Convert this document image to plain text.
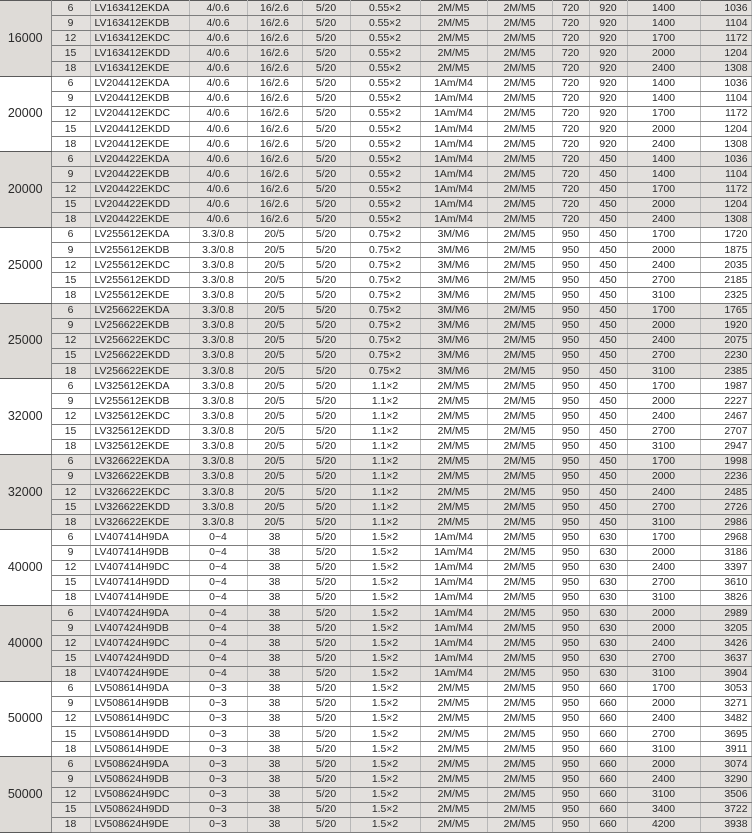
16000	6	LV163412EKDA	4/0.6	16/2.6	5/20	0.55×2	2M/M5	2M/M5	720	920	1400	1036
	9	LV163412EKDB	4/0.6	16/2.6	5/20	0.55×2	2M/M5	2M/M5	720	920	1400	1104
	12	LV163412EKDC	4/0.6	16/2.6	5/20	0.55×2	2M/M5	2M/M5	720	920	1700	1172
	15	LV163412EKDD	4/0.6	16/2.6	5/20	0.55×2	2M/M5	2M/M5	720	920	2000	1204
	18	LV163412EKDE	4/0.6	16/2.6	5/20	0.55×2	2M/M5	2M/M5	720	920	2400	1308
20000	6	LV204412EKDA	4/0.6	16/2.6	5/20	0.55×2	1Am/M4	2M/M5	720	920	1400	1036
	9	LV204412EKDB	4/0.6	16/2.6	5/20	0.55×2	1Am/M4	2M/M5	720	920	1400	1104
	12	LV204412EKDC	4/0.6	16/2.6	5/20	0.55×2	1Am/M4	2M/M5	720	920	1700	1172
	15	LV204412EKDD	4/0.6	16/2.6	5/20	0.55×2	1Am/M4	2M/M5	720	920	2000	1204
	18	LV204412EKDE	4/0.6	16/2.6	5/20	0.55×2	1Am/M4	2M/M5	720	920	2400	1308
20000	6	LV204422EKDA	4/0.6	16/2.6	5/20	0.55×2	1Am/M4	2M/M5	720	450	1400	1036
	9	LV204422EKDB	4/0.6	16/2.6	5/20	0.55×2	1Am/M4	2M/M5	720	450	1400	1104
	12	LV204422EKDC	4/0.6	16/2.6	5/20	0.55×2	1Am/M4	2M/M5	720	450	1700	1172
	15	LV204422EKDD	4/0.6	16/2.6	5/20	0.55×2	1Am/M4	2M/M5	720	450	2000	1204
	18	LV204422EKDE	4/0.6	16/2.6	5/20	0.55×2	1Am/M4	2M/M5	720	450	2400	1308
25000	6	LV255612EKDA	3.3/0.8	20/5	5/20	0.75×2	3M/M6	2M/M5	950	450	1700	1720
	9	LV255612EKDB	3.3/0.8	20/5	5/20	0.75×2	3M/M6	2M/M5	950	450	2000	1875
	12	LV255612EKDC	3.3/0.8	20/5	5/20	0.75×2	3M/M6	2M/M5	950	450	2400	2035
	15	LV255612EKDD	3.3/0.8	20/5	5/20	0.75×2	3M/M6	2M/M5	950	450	2700	2185
	18	LV255612EKDE	3.3/0.8	20/5	5/20	0.75×2	3M/M6	2M/M5	950	450	3100	2325
25000	6	LV256622EKDA	3.3/0.8	20/5	5/20	0.75×2	3M/M6	2M/M5	950	450	1700	1765
	9	LV256622EKDB	3.3/0.8	20/5	5/20	0.75×2	3M/M6	2M/M5	950	450	2000	1920
	12	LV256622EKDC	3.3/0.8	20/5	5/20	0.75×2	3M/M6	2M/M5	950	450	2400	2075
	15	LV256622EKDD	3.3/0.8	20/5	5/20	0.75×2	3M/M6	2M/M5	950	450	2700	2230
	18	LV256622EKDE	3.3/0.8	20/5	5/20	0.75×2	3M/M6	2M/M5	950	450	3100	2385
32000	6	LV325612EKDA	3.3/0.8	20/5	5/20	1.1×2	2M/M5	2M/M5	950	450	1700	1987
	9	LV255612EKDB	3.3/0.8	20/5	5/20	1.1×2	2M/M5	2M/M5	950	450	2000	2227
	12	LV325612EKDC	3.3/0.8	20/5	5/20	1.1×2	2M/M5	2M/M5	950	450	2400	2467
	15	LV325612EKDD	3.3/0.8	20/5	5/20	1.1×2	2M/M5	2M/M5	950	450	2700	2707
	18	LV325612EKDE	3.3/0.8	20/5	5/20	1.1×2	2M/M5	2M/M5	950	450	3100	2947
32000	6	LV326622EKDA	3.3/0.8	20/5	5/20	1.1×2	2M/M5	2M/M5	950	450	1700	1998
	9	LV326622EKDB	3.3/0.8	20/5	5/20	1.1×2	2M/M5	2M/M5	950	450	2000	2236
	12	LV326622EKDC	3.3/0.8	20/5	5/20	1.1×2	2M/M5	2M/M5	950	450	2400	2485
	15	LV326622EKDD	3.3/0.8	20/5	5/20	1.1×2	2M/M5	2M/M5	950	450	2700	2726
	18	LV326622EKDE	3.3/0.8	20/5	5/20	1.1×2	2M/M5	2M/M5	950	450	3100	2986
40000	6	LV407414H9DA	0~4	38	5/20	1.5×2	1Am/M4	2M/M5	950	630	1700	2968
	9	LV407414H9DB	0~4	38	5/20	1.5×2	1Am/M4	2M/M5	950	630	2000	3186
	12	LV407414H9DC	0~4	38	5/20	1.5×2	1Am/M4	2M/M5	950	630	2400	3397
	15	LV407414H9DD	0~4	38	5/20	1.5×2	1Am/M4	2M/M5	950	630	2700	3610
	18	LV407414H9DE	0~4	38	5/20	1.5×2	1Am/M4	2M/M5	950	630	3100	3826
40000	6	LV407424H9DA	0~4	38	5/20	1.5×2	1Am/M4	2M/M5	950	630	2000	2989
	9	LV407424H9DB	0~4	38	5/20	1.5×2	1Am/M4	2M/M5	950	630	2000	3205
	12	LV407424H9DC	0~4	38	5/20	1.5×2	1Am/M4	2M/M5	950	630	2400	3426
	15	LV407424H9DD	0~4	38	5/20	1.5×2	1Am/M4	2M/M5	950	630	2700	3637
	18	LV407424H9DE	0~4	38	5/20	1.5×2	1Am/M4	2M/M5	950	630	3100	3904
50000	6	LV508614H9DA	0~3	38	5/20	1.5×2	2M/M5	2M/M5	950	660	1700	3053
	9	LV508614H9DB	0~3	38	5/20	1.5×2	2M/M5	2M/M5	950	660	2000	3271
	12	LV508614H9DC	0~3	38	5/20	1.5×2	2M/M5	2M/M5	950	660	2400	3482
	15	LV508614H9DD	0~3	38	5/20	1.5×2	2M/M5	2M/M5	950	660	2700	3695
	18	LV508614H9DE	0~3	38	5/20	1.5×2	2M/M5	2M/M5	950	660	3100	3911
50000	6	LV508624H9DA	0~3	38	5/20	1.5×2	2M/M5	2M/M5	950	660	2000	3074
	9	LV508624H9DB	0~3	38	5/20	1.5×2	2M/M5	2M/M5	950	660	2400	3290
	12	LV508624H9DC	0~3	38	5/20	1.5×2	2M/M5	2M/M5	950	660	3100	3506
	15	LV508624H9DD	0~3	38	5/20	1.5×2	2M/M5	2M/M5	950	660	3400	3722
	18	LV508624H9DE	0~3	38	5/20	1.5×2	2M/M5	2M/M5	950	660	4200	3938
